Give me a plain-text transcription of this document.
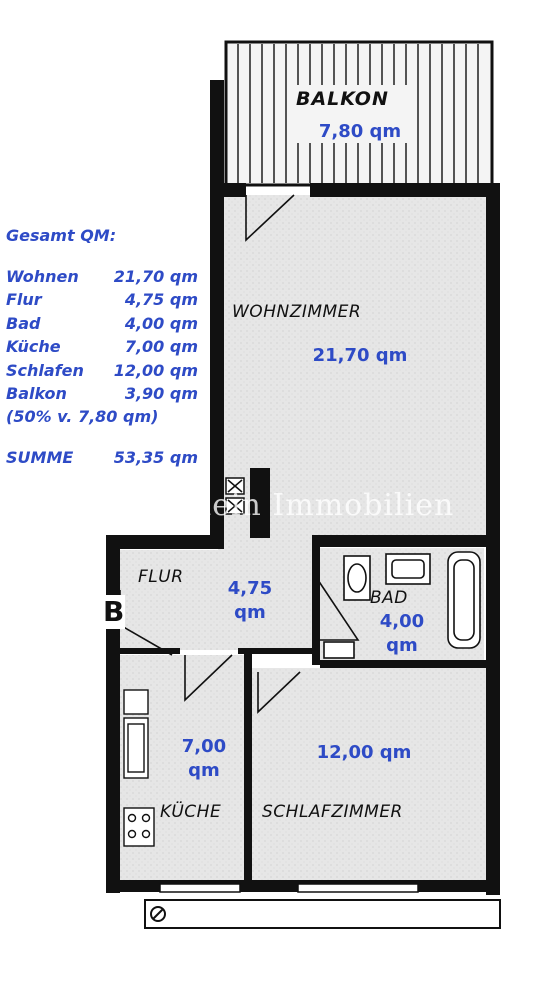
Gesamt QM:
Wohnen 21,70 qm
Flur	4,75 qm
Bad	4,00 qm
Küche	7,00 qm
Schlafen 12,00 qm
Balkon	3,90 qm
(50% v. 7,80 qm)
SUMME	53,35 qm
BALKON
7,80 qm
WOHNZIMMER
21,70 qm
FLUR
4,75
qm
BAD
4,00
qm
7,00
qm
KÜCHE
12,00 qm
SCHLAFZIMMER
B
© Langhein Immobilien
